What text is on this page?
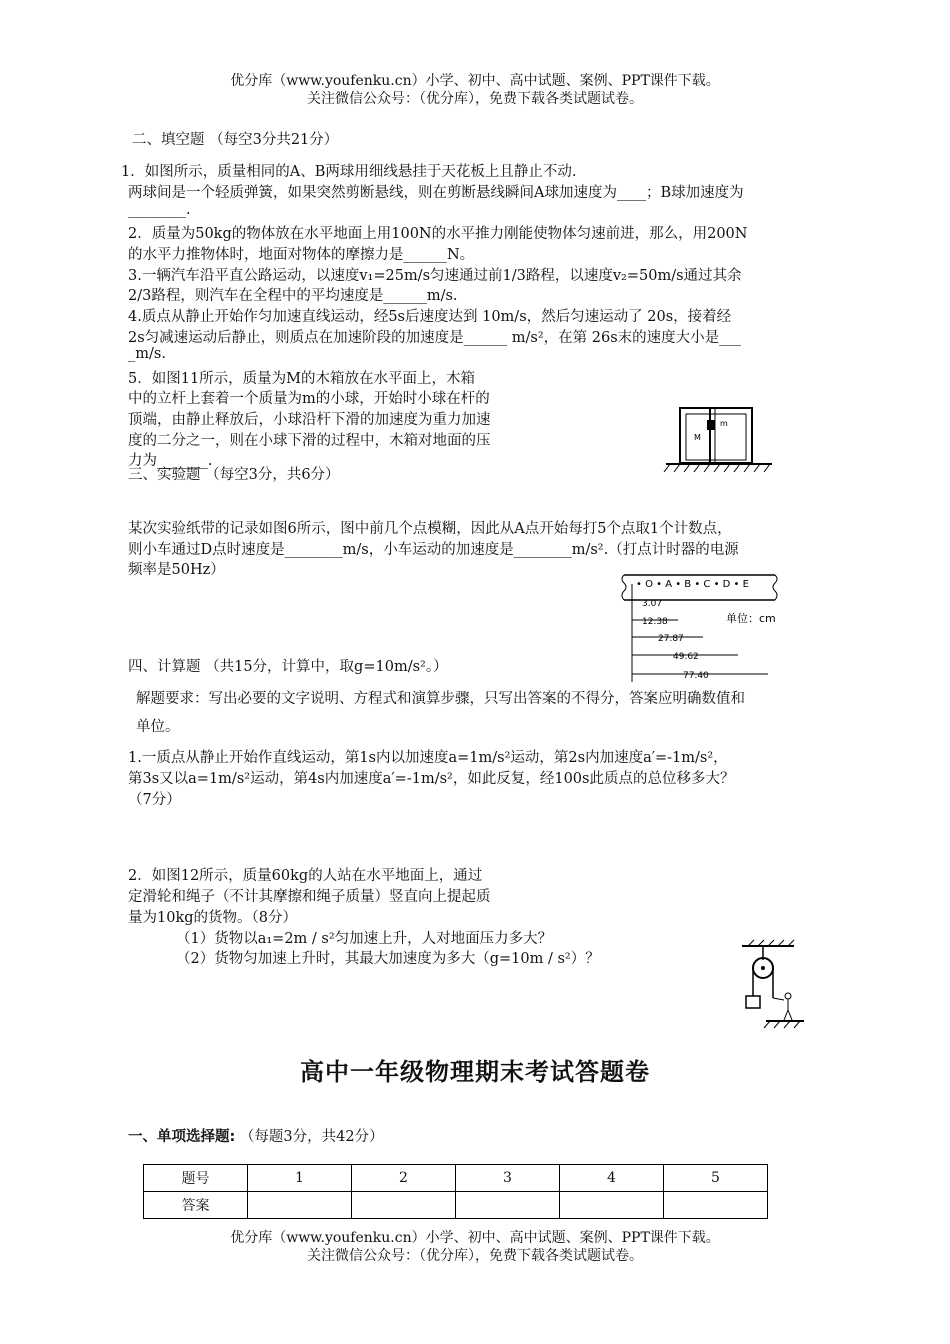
优分库（www.youfenku.cn）小学、初中、高中试题、案例、PPT课件下载。
关注微信公众号：（优分库），免费下载各类试题试卷。
二、填空题 （每空3分共21分）
1．如图所示，质量相同的A、B两球用细线悬挂于天花板上且静止不动.
两球间是一个轻质弹簧，如果突然剪断悬线，则在剪断悬线瞬间A球加速度为____；B球加速度为
________.
2．质量为50kg的物体放在水平地面上用100N的水平推力刚能使物体匀速前进，那么，用200N
的水平力推物体时，地面对物体的摩擦力是______N。
3.一辆汽车沿平直公路运动，以速度v₁=25m/s匀速通过前1/3路程，以速度v₂=50m/s通过其余
2/3路程，则汽车在全程中的平均速度是______m/s.
4.质点从静止开始作匀加速直线运动，经5s后速度达到 10m/s，然后匀速运动了 20s，接着经
2s匀减速运动后静止，则质点在加速阶段的加速度是______ m/s²，在第 26s末的速度大小是___
_m/s.
5．如图11所示，质量为M的木箱放在水平面上，木箱
中的立杆上套着一个质量为m的小球，开始时小球在杆的
顶端，由静止释放后，小球沿杆下滑的加速度为重力加速
度的二分之一，则在小球下滑的过程中，木箱对地面的压
力为_______.
M
m
三、实验题 （每空3分，共6分）
某次实验纸带的记录如图6所示，图中前几个点模糊，因此从A点开始每打5个点取1个计数点，
则小车通过D点时速度是________m/s，小车运动的加速度是________m/s².（打点计时器的电源
频率是50Hz）
• O • A • B • C • D • E
3.07
单位：cm
12.38
27.87
49.62
77.40
四、计算题 （共15分，计算中，取g=10m/s²。）
解题要求：写出必要的文字说明、方程式和演算步骤，只写出答案的不得分，答案应明确数值和
单位。
1.一质点从静止开始作直线运动，第1s内以加速度a=1m/s²运动，第2s内加速度a′=-1m/s²，
第3s又以a=1m/s²运动，第4s内加速度a′=-1m/s²，如此反复，经100s此质点的总位移多大？
（7分）
2．如图12所示，质量60kg的人站在水平地面上，通过
定滑轮和绳子（不计其摩擦和绳子质量）竖直向上提起质
量为10kg的货物。（8分）
（1）货物以a₁=2m / s²匀加速上升，人对地面压力多大？
（2）货物匀加速上升时，其最大加速度为多大（g=10m / s²）？
高中一年级物理期末考试答题卷
一、单项选择题: （每题3分，共42分）
题号	1	2	3	4	5
答案					
优分库（www.youfenku.cn）小学、初中、高中试题、案例、PPT课件下载。
关注微信公众号：（优分库），免费下载各类试题试卷。
